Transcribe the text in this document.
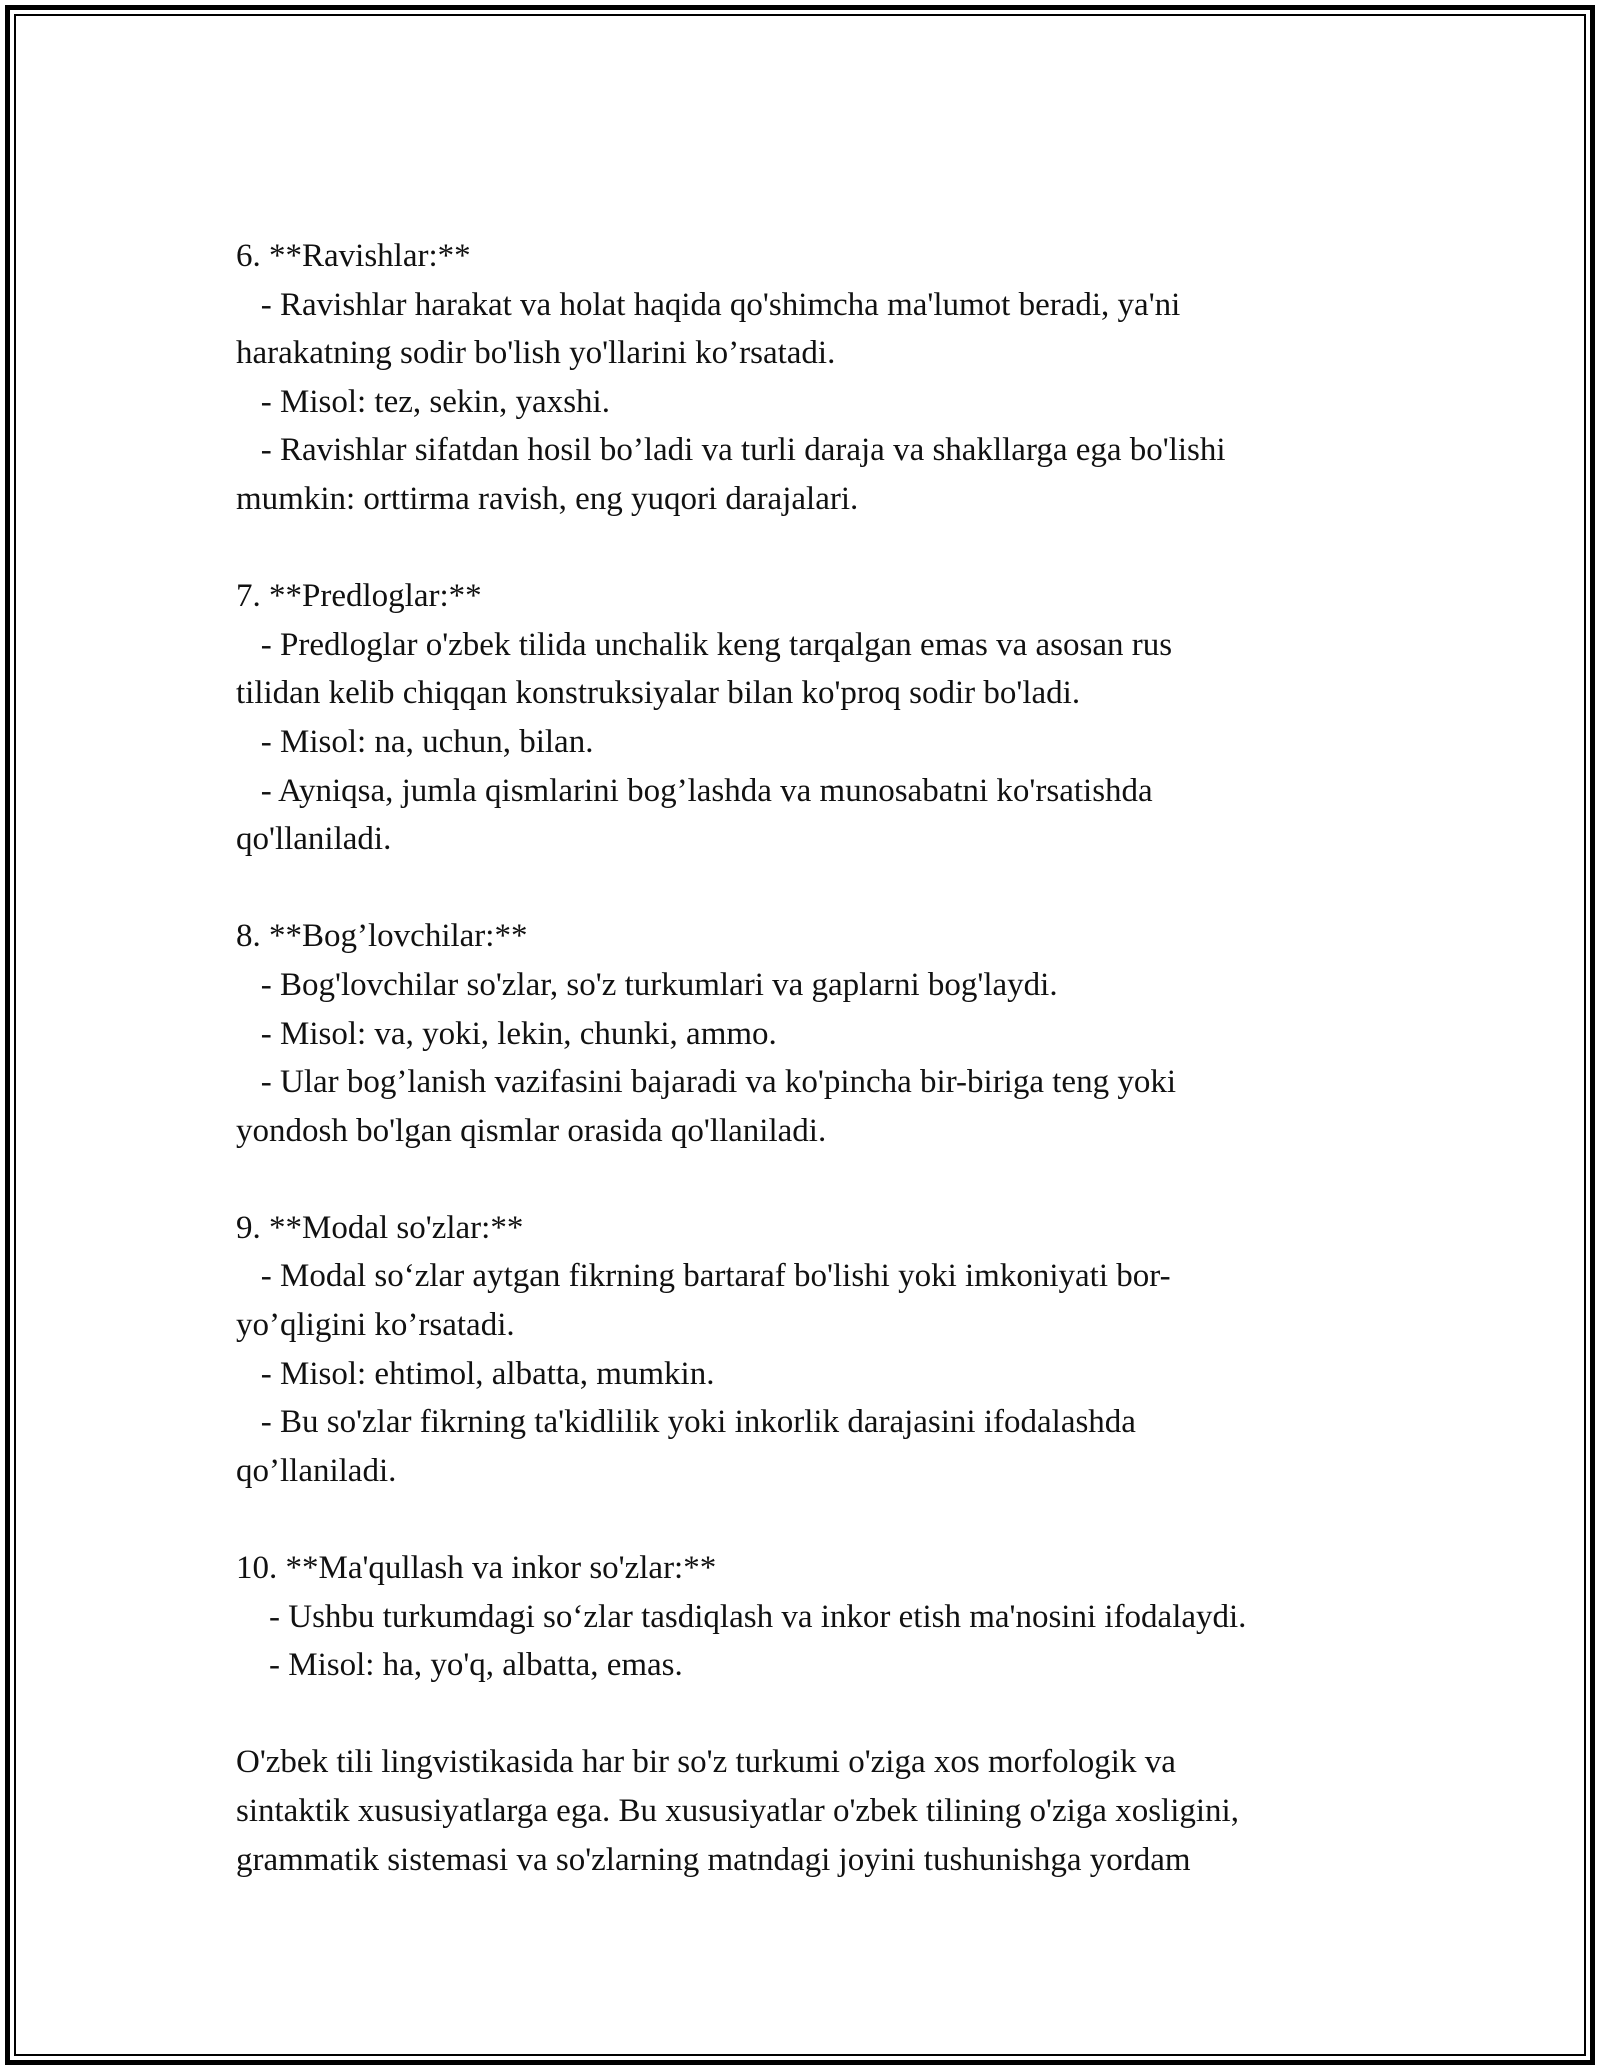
6. **Ravishlar:**
- Ravishlar harakat va holat haqida qo'shimcha ma'lumot beradi, ya'ni
harakatning sodir bo'lish yo'llarini ko’rsatadi.
- Misol: tez, sekin, yaxshi.
- Ravishlar sifatdan hosil bo’ladi va turli daraja va shakllarga ega bo'lishi
mumkin: orttirma ravish, eng yuqori darajalari.
7. **Predloglar:**
- Predloglar o'zbek tilida unchalik keng tarqalgan emas va asosan rus
tilidan kelib chiqqan konstruksiyalar bilan ko'proq sodir bo'ladi.
- Misol: na, uchun, bilan.
- Ayniqsa, jumla qismlarini bog’lashda va munosabatni ko'rsatishda
qo'llaniladi.
8. **Bog’lovchilar:**
- Bog'lovchilar so'zlar, so'z turkumlari va gaplarni bog'laydi.
- Misol: va, yoki, lekin, chunki, ammo.
- Ular bog’lanish vazifasini bajaradi va ko'pincha bir-biriga teng yoki
yondosh bo'lgan qismlar orasida qo'llaniladi.
9. **Modal so'zlar:**
- Modal so‘zlar aytgan fikrning bartaraf bo'lishi yoki imkoniyati bor-
yo’qligini ko’rsatadi.
- Misol: ehtimol, albatta, mumkin.
- Bu so'zlar fikrning ta'kidlilik yoki inkorlik darajasini ifodalashda
qo’llaniladi.
10. **Ma'qullash va inkor so'zlar:**
- Ushbu turkumdagi so‘zlar tasdiqlash va inkor etish ma'nosini ifodalaydi.
- Misol: ha, yo'q, albatta, emas.
O'zbek tili lingvistikasida har bir so'z turkumi o'ziga xos morfologik va
sintaktik xususiyatlarga ega. Bu xususiyatlar o'zbek tilining o'ziga xosligini,
grammatik sistemasi va so'zlarning matndagi joyini tushunishga yordam
